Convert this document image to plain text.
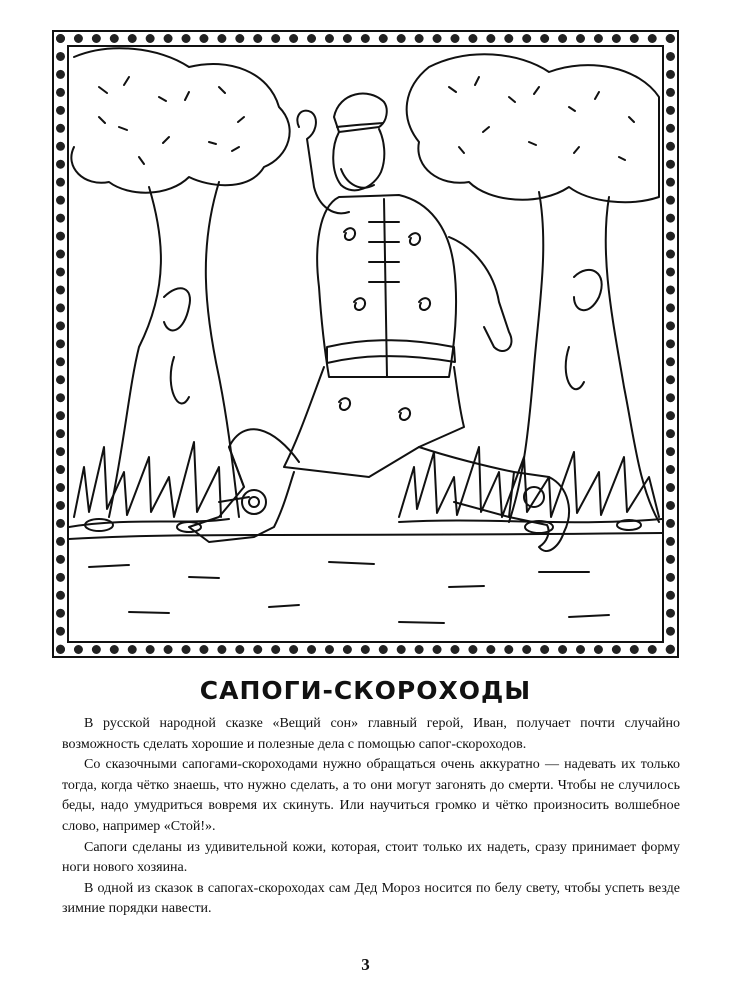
САПОГИ-СКОРОХОДЫ

В русской народной сказке «Вещий сон» главный герой, Иван, получает почти случайно возможность сделать хорошие и полезные дела с помощью сапог-скороходов.

Со сказочными сапогами-скороходами нужно обращаться очень аккуратно — надевать их только тогда, когда чётко знаешь, что нужно сделать, а то они могут загонять до смерти. Чтобы не случилось беды, надо умудриться вовремя их скинуть. Или научиться громко и чётко произносить волшебное слово, например «Стой!».

Сапоги сделаны из удивительной кожи, которая, стоит только их надеть, сразу принимает форму ноги нового хозяина.

В одной из сказок в сапогах-скороходах сам Дед Мороз носится по белу свету, чтобы успеть везде зимние порядки навести.

3
